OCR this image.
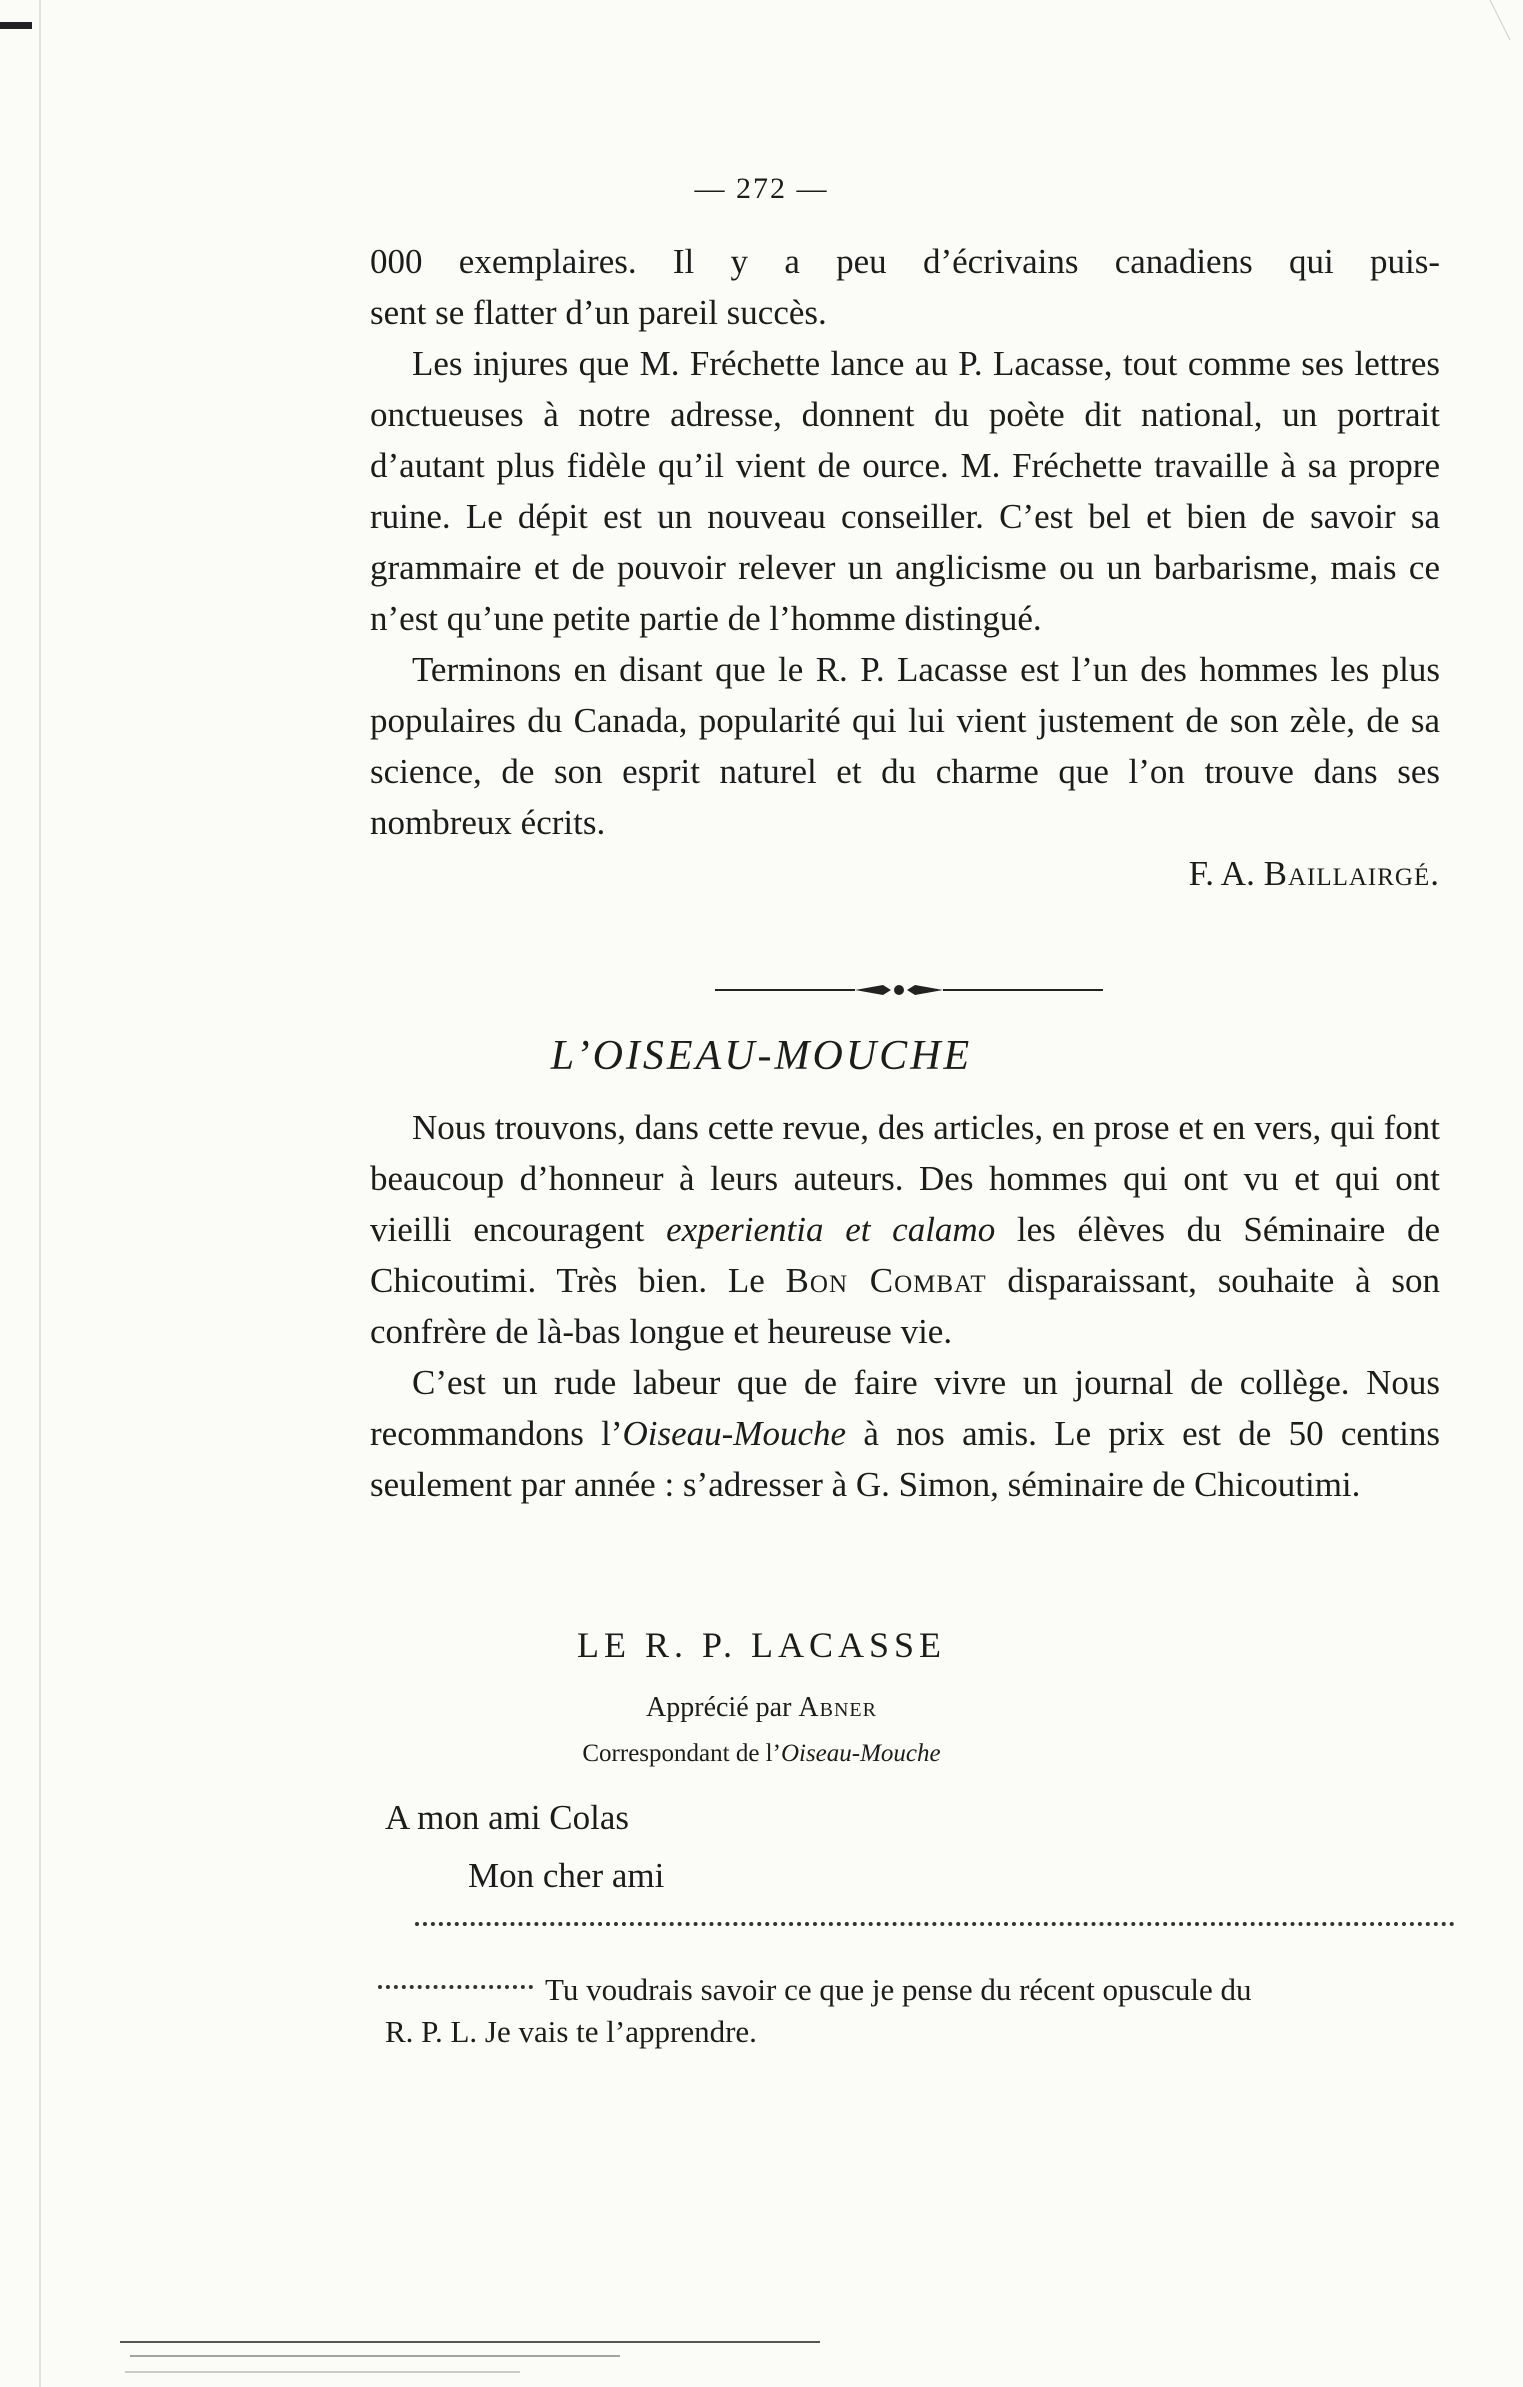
— 272 —
000 exemplaires. Il y a peu d’écrivains canadiens qui puis-
sent se flatter d’un pareil succès.

Les injures que M. Fréchette lance au P. Lacasse, tout comme ses lettres onctueuses à notre adresse, donnent du poète dit national, un portrait d’autant plus fidèle qu’il vient de ource. M. Fréchette travaille à sa propre ruine. Le dépit est un nouveau conseiller. C’est bel et bien de savoir sa grammaire et de pouvoir relever un anglicisme ou un barbarisme, mais ce n’est qu’une petite partie de l’homme distingué.

Terminons en disant que le R. P. Lacasse est l’un des hommes les plus populaires du Canada, popularité qui lui vient justement de son zèle, de sa science, de son esprit naturel et du charme que l’on trouve dans ses nombreux écrits.

F. A. Baillairgé.
L’OISEAU-MOUCHE

Nous trouvons, dans cette revue, des articles, en prose et en vers, qui font beaucoup d’honneur à leurs auteurs. Des hommes qui ont vu et qui ont vieilli encouragent experientia et calamo les élèves du Séminaire de Chicoutimi. Très bien. Le Bon Combat disparaissant, souhaite à son confrère de là-bas longue et heureuse vie.

C’est un rude labeur que de faire vivre un journal de collège. Nous recommandons l’Oiseau-Mouche à nos amis. Le prix est de 50 centins seulement par année : s’adresser à G. Simon, séminaire de Chicoutimi.

LE R. P. LACASSE
Apprécié par Abner
Correspondant de l’Oiseau-Mouche
A mon ami Colas
Mon cher ami
Tu voudrais savoir ce que je pense du récent opuscule du
R. P. L. Je vais te l’apprendre.
